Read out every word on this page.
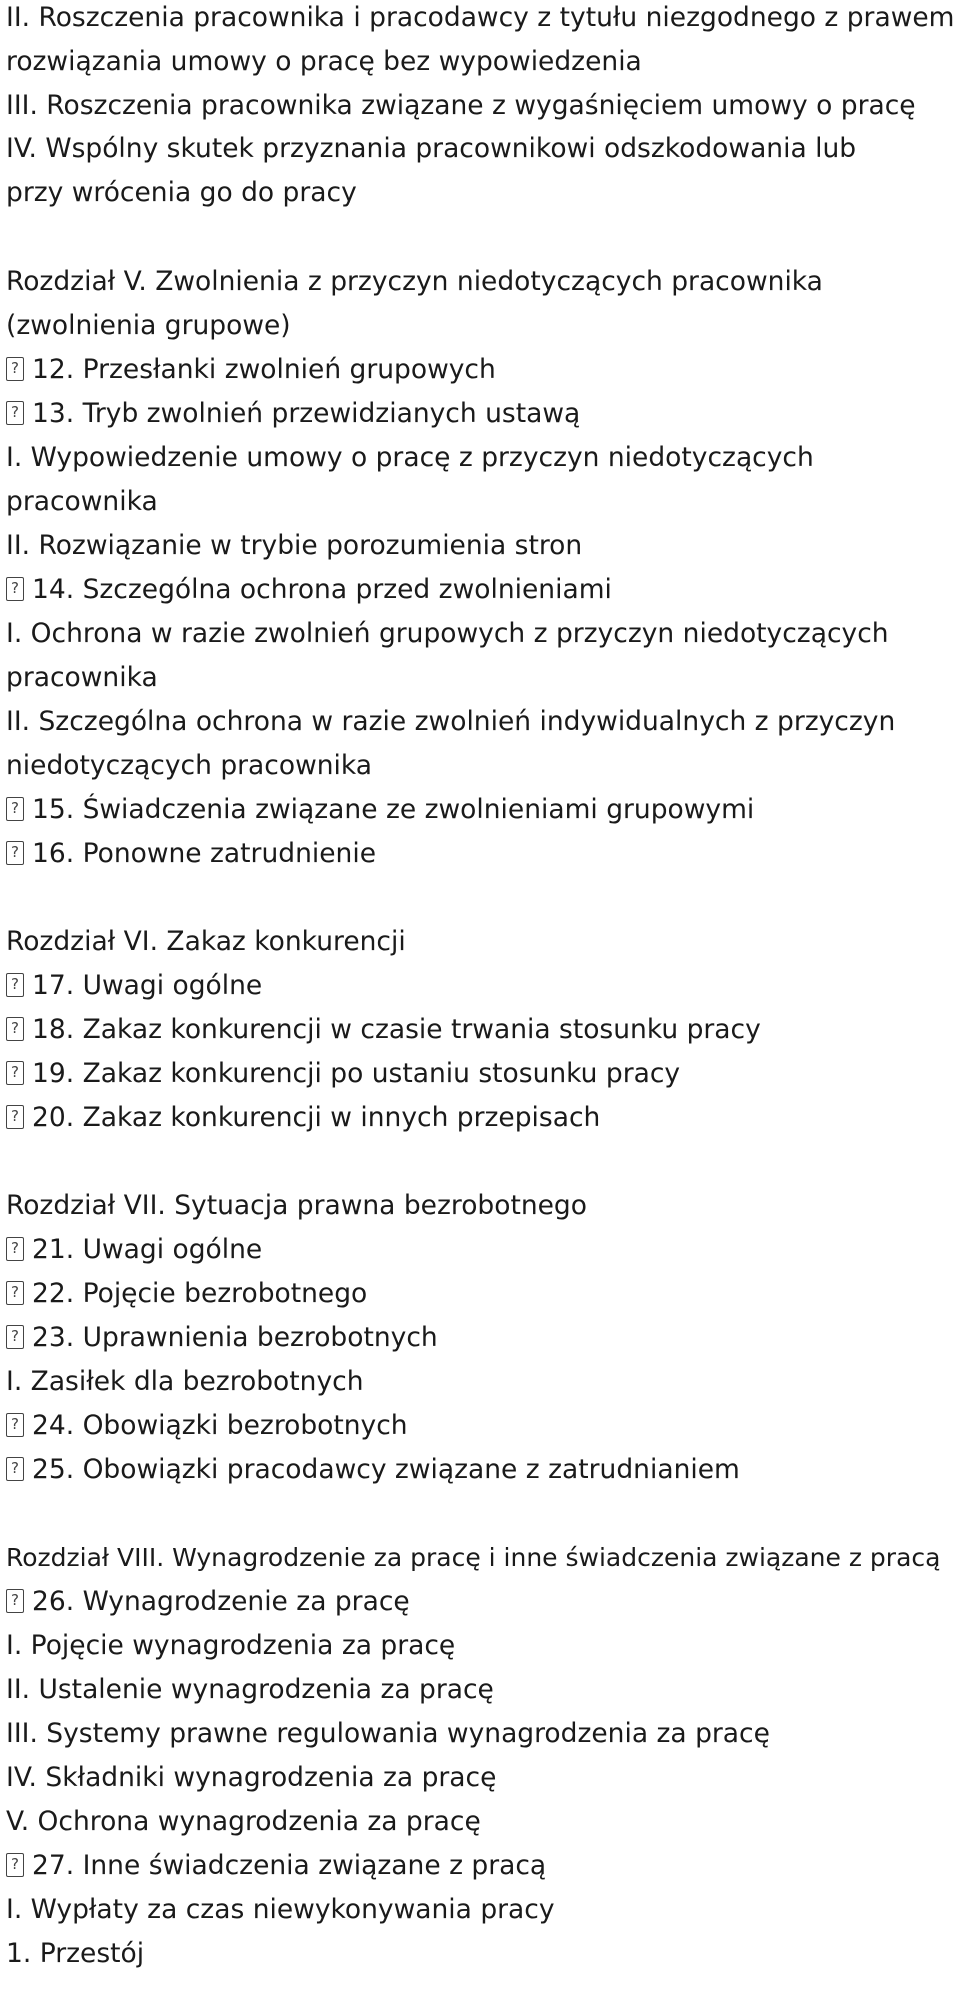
II. Roszczenia pracownika i pracodawcy z tytułu niezgodnego z prawem
rozwiązania umowy o pracę bez wypowiedzenia
III. Roszczenia pracownika związane z wygaśnięciem umowy o pracę
IV. Wspólny skutek przyznania pracownikowi odszkodowania lub
przy wrócenia go do pracy
Rozdział V. Zwolnienia z przyczyn niedotyczących pracownika
(zwolnienia grupowe)
?12. Przesłanki zwolnień grupowych
?13. Tryb zwolnień przewidzianych ustawą
I. Wypowiedzenie umowy o pracę z przyczyn niedotyczących
pracownika
II. Rozwiązanie w trybie porozumienia stron
?14. Szczególna ochrona przed zwolnieniami
I. Ochrona w razie zwolnień grupowych z przyczyn niedotyczących
pracownika
II. Szczególna ochrona w razie zwolnień indywidualnych z przyczyn
niedotyczących pracownika
?15. Świadczenia związane ze zwolnieniami grupowymi
?16. Ponowne zatrudnienie
Rozdział VI. Zakaz konkurencji
?17. Uwagi ogólne
?18. Zakaz konkurencji w czasie trwania stosunku pracy
?19. Zakaz konkurencji po ustaniu stosunku pracy
?20. Zakaz konkurencji w innych przepisach
Rozdział VII. Sytuacja prawna bezrobotnego
?21. Uwagi ogólne
?22. Pojęcie bezrobotnego
?23. Uprawnienia bezrobotnych
I. Zasiłek dla bezrobotnych
?24. Obowiązki bezrobotnych
?25. Obowiązki pracodawcy związane z zatrudnianiem
Rozdział VIII. Wynagrodzenie za pracę i inne świadczenia związane z pracą
?26. Wynagrodzenie za pracę
I. Pojęcie wynagrodzenia za pracę
II. Ustalenie wynagrodzenia za pracę
III. Systemy prawne regulowania wynagrodzenia za pracę
IV. Składniki wynagrodzenia za pracę
V. Ochrona wynagrodzenia za pracę
?27. Inne świadczenia związane z pracą
I. Wypłaty za czas niewykonywania pracy
1. Przestój
